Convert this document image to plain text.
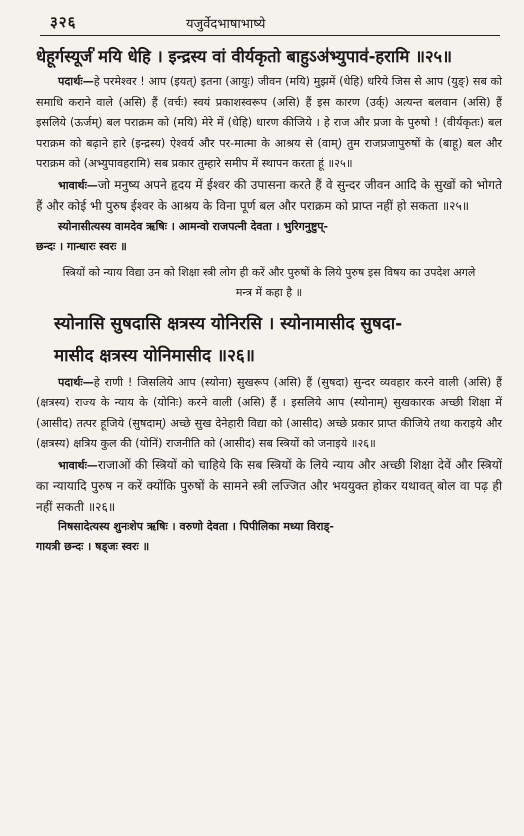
३२६	यजुर्वेदभाषाभाष्ये

धेहूर्गस्यूर्ज॑ मयि धेहि । इन्द्रस्य वां वीर्यकृतो बाहुऽअ॑भ्युपाव॑-हरामि ॥२५॥

पदार्थः—हे परमेश्वर ! आप (इयत्) इतना (आयुः) जीवन (मयि) मुझमें (धेहि) धरिये जिस से आप (युङ्) सब को समाधि कराने वाले (असि) हैं (वर्चः) स्वयं प्रकाशस्वरूप (असि) हैं इस कारण (उर्क्) अत्यन्त बलवान (असि) हैं इसलिये (ऊर्जम्) बल पराक्रम को (मयि) मेरे में (धेहि) धारण कीजिये । हे राज और प्रजा के पुरुषो ! (वीर्यकृतः) बल पराक्रम को बढ़ाने हारे (इन्द्रस्य) ऐश्वर्य और पर-मात्मा के आश्रय से (वाम्) तुम राजप्रजापुरुषों के (बाहू) बल और पराक्रम को (अभ्युपावहरामि) सब प्रकार तुम्हारे समीप में स्थापन करता हूं ॥२५॥

भावार्थः—जो मनुष्य अपने हृदय में ईश्वर की उपासना करते हैं वे सुन्दर जीवन आदि के सुखों को भोगते हैं और कोई भी पुरुष ईश्वर के आश्रय के विना पूर्ण बल और पराक्रम को प्राप्त नहीं हो सकता ॥२५॥

स्योनासीत्यस्य वामदेव ऋषिः । आमन्वो राजपत्नी देवता । भुरिगनुष्टुप्-

छन्दः । गान्धारः स्वरः ॥

स्त्रियों को न्याय विद्या उन को शिक्षा स्त्री लोग ही करें और पुरुषों के लिये पुरुष इस विषय का उपदेश अगले मन्त्र में कहा है ॥

स्योनासि सुषदासि क्षत्रस्य योनिरसि । स्योनामासीद सुषदा-

मासीद क्षत्रस्य योनिमासीद ॥२६॥

पदार्थः—हे राणी ! जिसलिये आप (स्योना) सुखरूप (असि) हैं (सुषदा) सुन्दर व्यवहार करने वाली (असि) हैं (क्षत्रस्य) राज्य के न्याय के (योनिः) करने वाली (असि) हैं । इसलिये आप (स्योनाम्) सुखकारक अच्छी शिक्षा में (आसीद) तत्पर हूजिये (सुषदाम्) अच्छे सुख देनेहारी विद्या को (आसीद) अच्छे प्रकार प्राप्त कीजिये तथा कराइये और (क्षत्रस्य) क्षत्रिय कुल की (योनिं) राजनीति को (आसीद) सब स्त्रियों को जनाइये ॥२६॥

भावार्थः—राजाओं की स्त्रियों को चाहिये कि सब स्त्रियों के लिये न्याय और अच्छी शिक्षा देवें और स्त्रियों का न्यायादि पुरुष न करें क्योंकि पुरुषों के सामने स्त्री लज्जित और भययुक्त होकर यथावत् बोल वा पढ़ ही नहीं सकती ॥२६॥

निषसादेत्यस्य शुनःशेप ऋषिः । वरुणो देवता । पिपीलिका मध्या विराड्-

गायत्री छन्दः । षड्जः स्वरः ॥
